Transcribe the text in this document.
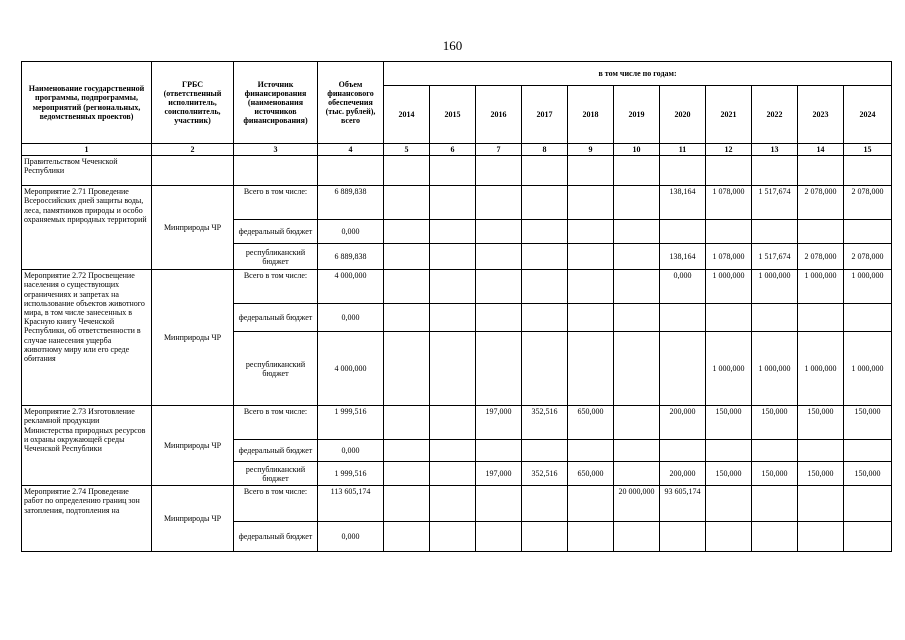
160
Наименование государственной программы, подпрограммы, мероприятий (региональных, ведомственных проектов)	ГРБС (ответственный исполнитель, соисполнитель, участник)	Источник финансирования (наименования источников финансирования)	Объем финансового обеспечения (тыс. рублей), всего	в том числе по годам:										
				2014	2015	2016	2017	2018	2019	2020	2021	2022	2023	2024
1	2	3	4	5	6	7	8	9	10	11	12	13	14	15
Правительством Чеченской Республики														
Мероприятие 2.71 Проведение Всероссийских дней защиты воды, леса, памятников природы и особо охраняемых природных территорий	Минприроды ЧР	Всего в том числе:	6 889,838							138,164	1 078,000	1 517,674	2 078,000	2 078,000
		федеральный бюджет	0,000											
		республиканский бюджет	6 889,838							138,164	1 078,000	1 517,674	2 078,000	2 078,000
Мероприятие 2.72 Просвещение населения о существующих ограничениях и запретах на использование объектов животного мира, в том числе занесенных в Красную книгу Чеченской Республики, об ответственности в случае нанесения ущерба животному миру или его среде обитания	Минприроды ЧР	Всего в том числе:	4 000,000							0,000	1 000,000	1 000,000	1 000,000	1 000,000
		федеральный бюджет	0,000											
		республиканский бюджет	4 000,000								1 000,000	1 000,000	1 000,000	1 000,000
Мероприятие 2.73 Изготовление рекламной продукции Министерства природных ресурсов и охраны окружающей среды Чеченской Республики	Минприроды ЧР	Всего в том числе:	1 999,516			197,000	352,516	650,000		200,000	150,000	150,000	150,000	150,000
		федеральный бюджет	0,000											
		республиканский бюджет	1 999,516			197,000	352,516	650,000		200,000	150,000	150,000	150,000	150,000
Мероприятие 2.74 Проведение работ по определению границ зон затопления, подтопления на	Минприроды ЧР	Всего в том числе:	113 605,174						20 000,000	93 605,174				
		федеральный бюджет	0,000											
